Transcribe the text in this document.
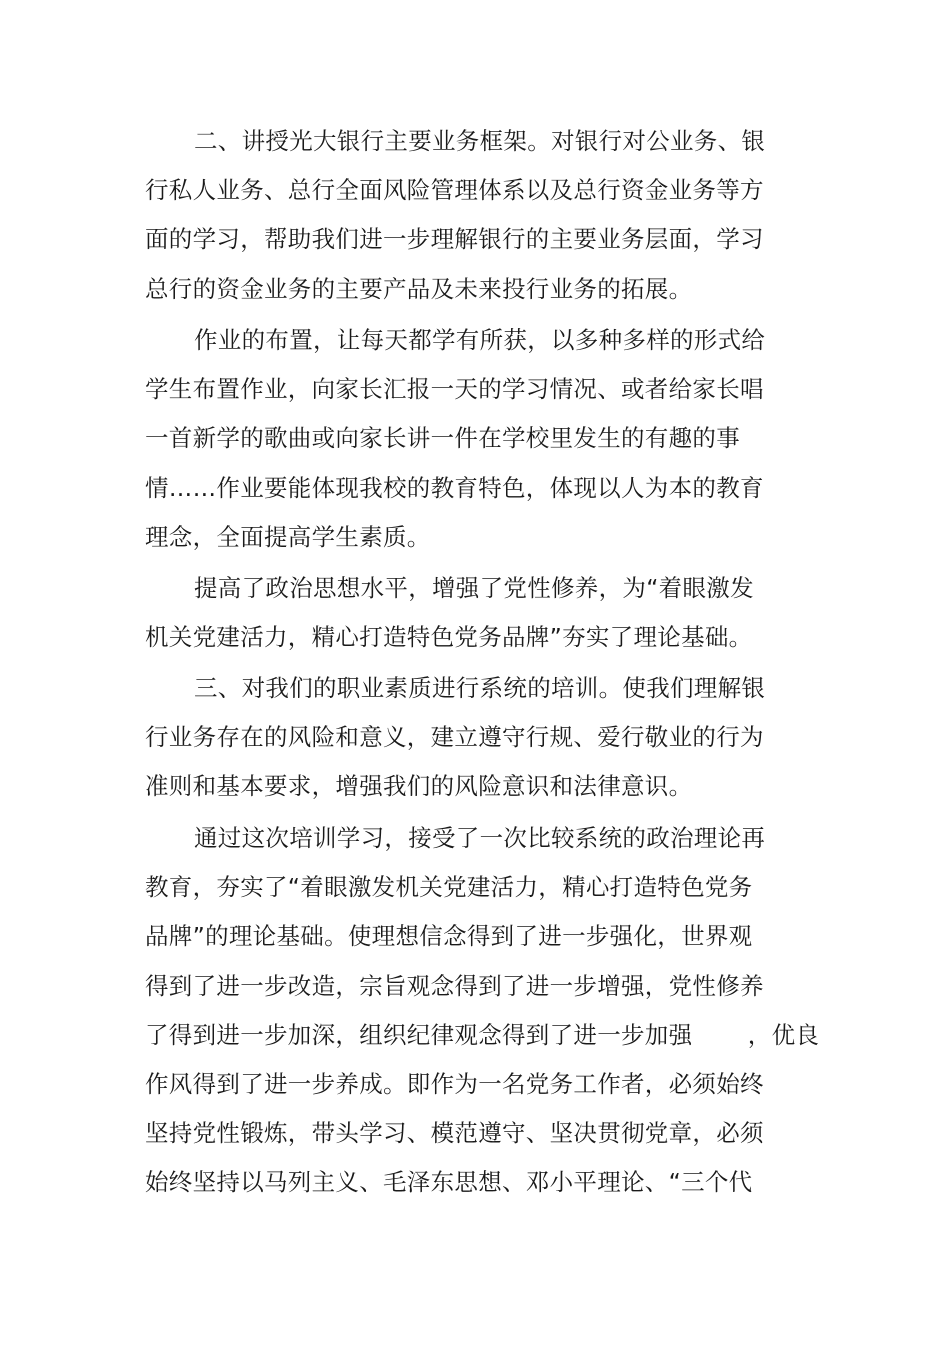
二、讲授光大银行主要业务框架。对银行对公业务、银
行私人业务、总行全面风险管理体系以及总行资金业务等方
面的学习，帮助我们进一步理解银行的主要业务层面，学习
总行的资金业务的主要产品及未来投行业务的拓展。
作业的布置，让每天都学有所获，以多种多样的形式给
学生布置作业，向家长汇报一天的学习情况、或者给家长唱
一首新学的歌曲或向家长讲一件在学校里发生的有趣的事
情……作业要能体现我校的教育特色，体现以人为本的教育
理念，全面提高学生素质。
提高了政治思想水平，增强了党性修养，为“着眼激发
机关党建活力，精心打造特色党务品牌”夯实了理论基础。
三、对我们的职业素质进行系统的培训。使我们理解银
行业务存在的风险和意义，建立遵守行规、爱行敬业的行为
准则和基本要求，增强我们的风险意识和法律意识。
通过这次培训学习，接受了一次比较系统的政治理论再
教育，夯实了“着眼激发机关党建活力，精心打造特色党务
品牌”的理论基础。使理想信念得到了进一步强化，世界观
得到了进一步改造，宗旨观念得到了进一步增强，党性修养
了得到进一步加深，组织纪律观念得到了进一步加强　　 ，优良
作风得到了进一步养成。即作为一名党务工作者，必须始终
坚持党性锻炼，带头学习、模范遵守、坚决贯彻党章，必须
始终坚持以马列主义、毛泽东思想、邓小平理论、“三个代
